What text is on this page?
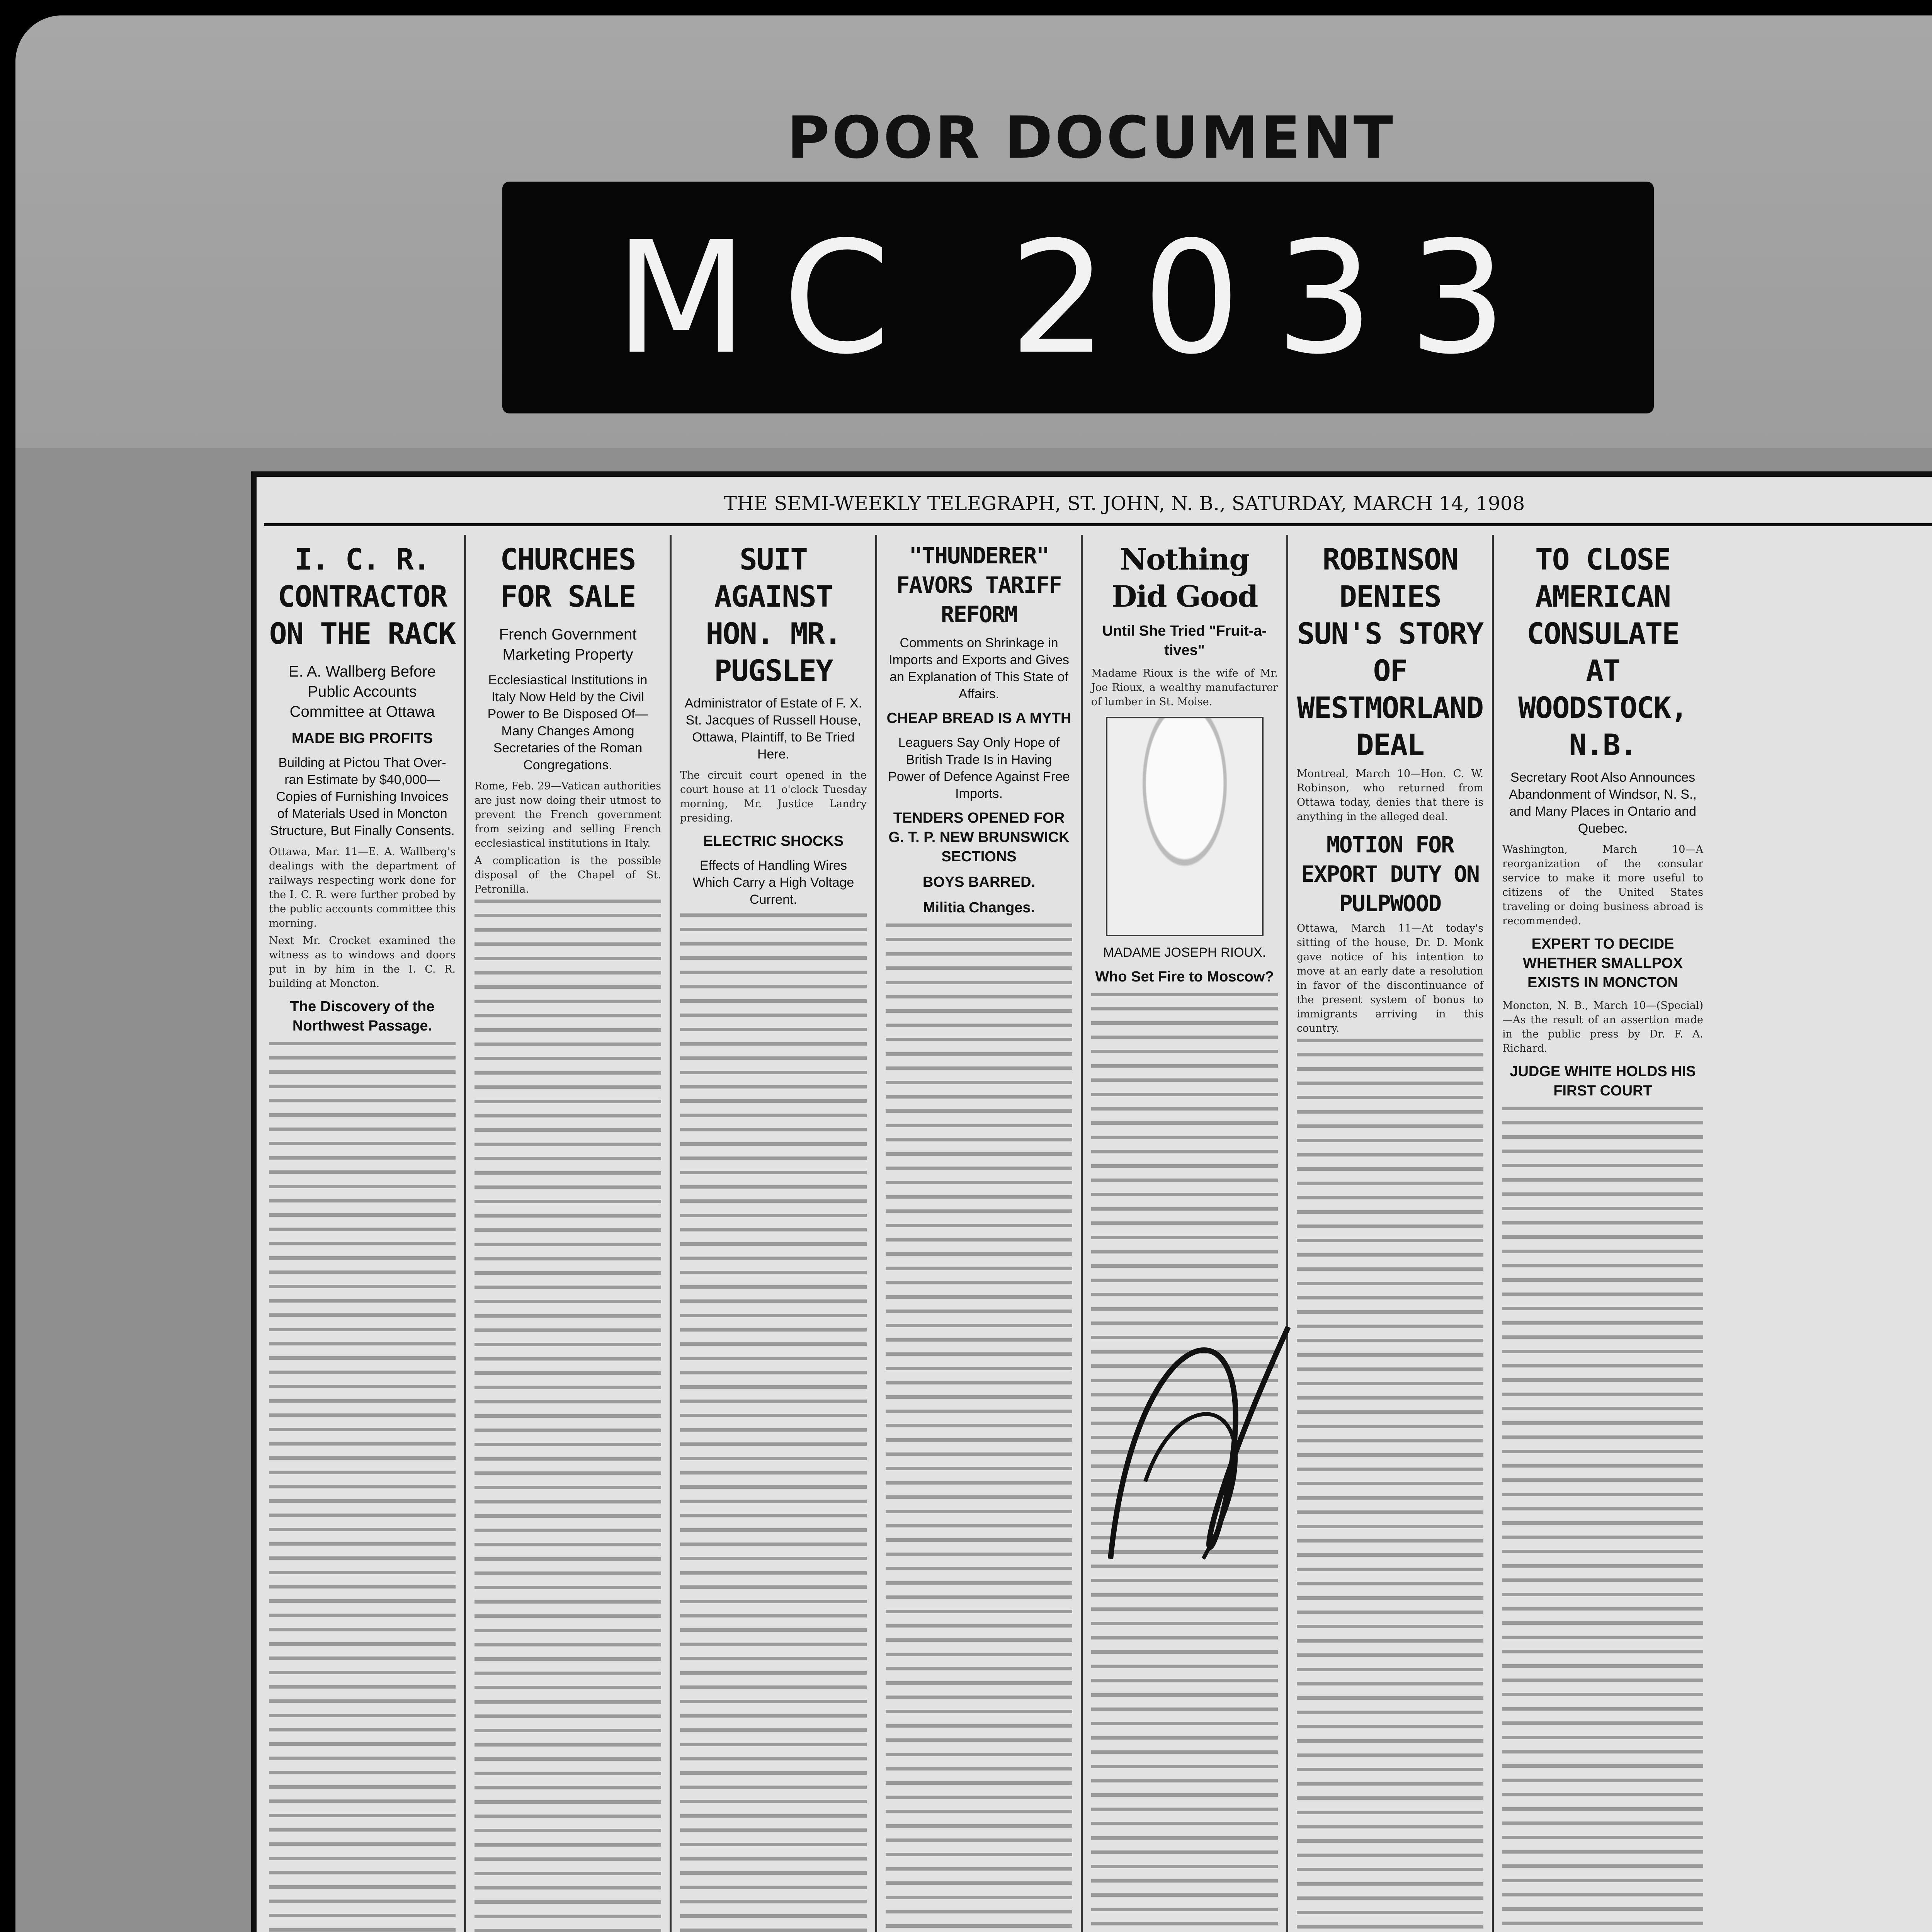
POOR DOCUMENT
MC 2033
THE SEMI-WEEKLY TELEGRAPH, ST. JOHN, N. B., SATURDAY, MARCH 14, 1908
I. C. R. CONTRACTOR ON THE RACK
E. A. Wallberg Before Public Accounts Committee at Ottawa
MADE BIG PROFITS
Building at Pictou That Over-ran Estimate by $40,000—Copies of Furnishing Invoices of Materials Used in Moncton Structure, But Finally Consents.
Ottawa, Mar. 11—E. A. Wallberg's dealings with the department of railways respecting work done for the I. C. R. were further probed by the public accounts committee this morning.
Next Mr. Crocket examined the witness as to windows and doors put in by him in the I. C. R. building at Moncton.
The Discovery of the Northwest Passage.
CHURCHES FOR SALE
French Government Marketing Property
Ecclesiastical Institutions in Italy Now Held by the Civil Power to Be Disposed Of—Many Changes Among Secretaries of the Roman Congregations.
Rome, Feb. 29—Vatican authorities are just now doing their utmost to prevent the French government from seizing and selling French ecclesiastical institutions in Italy.
A complication is the possible disposal of the Chapel of St. Petronilla.
SUIT AGAINST HON. MR. PUGSLEY
Administrator of Estate of F. X. St. Jacques of Russell House, Ottawa, Plaintiff, to Be Tried Here.
The circuit court opened in the court house at 11 o'clock Tuesday morning, Mr. Justice Landry presiding.
ELECTRIC SHOCKS
Effects of Handling Wires Which Carry a High Voltage Current.
"THUNDERER" FAVORS TARIFF REFORM
Comments on Shrinkage in Imports and Exports and Gives an Explanation of This State of Affairs.
CHEAP BREAD IS A MYTH
Leaguers Say Only Hope of British Trade Is in Having Power of Defence Against Free Imports.
TENDERS OPENED FOR G. T. P. NEW BRUNSWICK SECTIONS
BOYS BARRED.
Militia Changes.
Nothing Did Good
Until She Tried "Fruit-a-tives"
Madame Rioux is the wife of Mr. Joe Rioux, a wealthy manufacturer of lumber in St. Moise.
MADAME JOSEPH RIOUX.
Who Set Fire to Moscow?
ROBINSON DENIES SUN'S STORY OF WESTMORLAND DEAL
Montreal, March 10—Hon. C. W. Robinson, who returned from Ottawa today, denies that there is anything in the alleged deal.
MOTION FOR EXPORT DUTY ON PULPWOOD
Ottawa, March 11—At today's sitting of the house, Dr. D. Monk gave notice of his intention to move at an early date a resolution in favor of the discontinuance of the present system of bonus to immigrants arriving in this country.
TO CLOSE AMERICAN CONSULATE AT WOODSTOCK, N.B.
Secretary Root Also Announces Abandonment of Windsor, N. S., and Many Places in Ontario and Quebec.
Washington, March 10—A reorganization of the consular service to make it more useful to citizens of the United States traveling or doing business abroad is recommended.
EXPERT TO DECIDE WHETHER SMALLPOX EXISTS IN MONCTON
Moncton, N. B., March 10—(Special)—As the result of an assertion made in the public press by Dr. F. A. Richard.
JUDGE WHITE HOLDS HIS FIRST COURT
